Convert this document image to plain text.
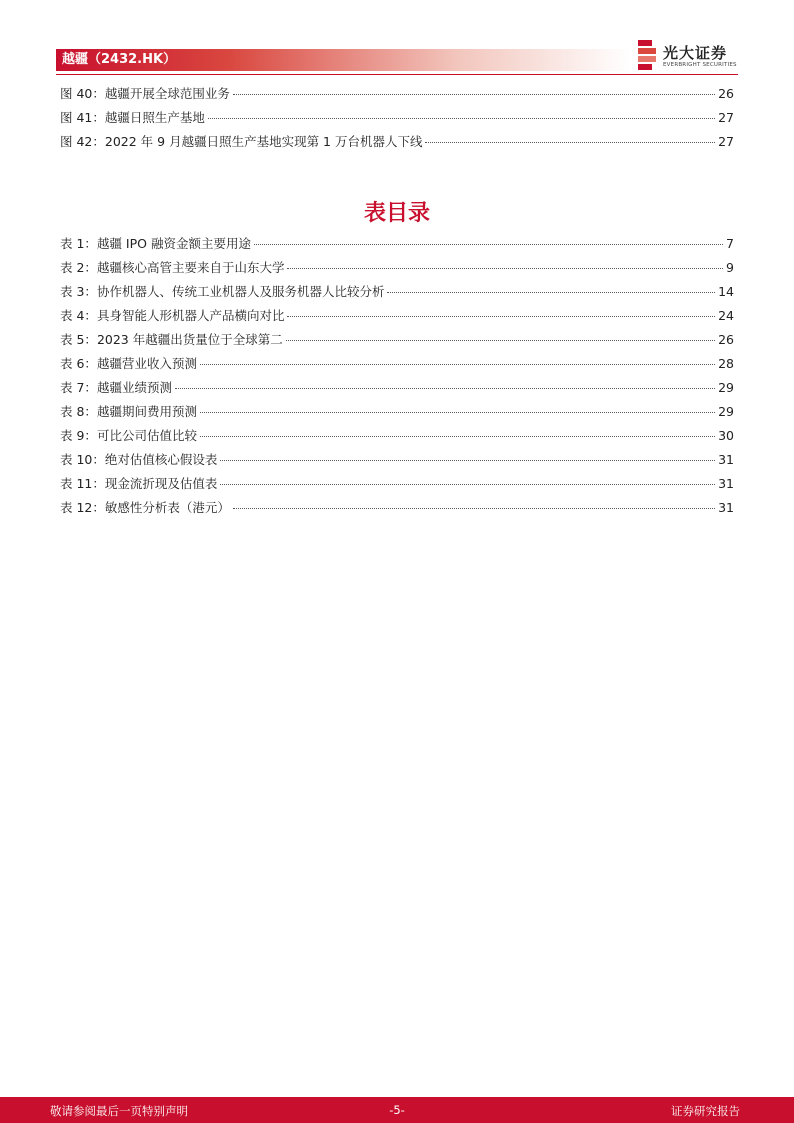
越疆（2432.HK）	光大证券
EVERBRIGHT SECURITIES
图 40： 越疆开展全球范围业务	26
图 41： 越疆日照生产基地	27
图 42： 2022 年 9 月越疆日照生产基地实现第 1 万台机器人下线	27
表目录
表 1： 越疆 IPO 融资金额主要用途	7
表 2： 越疆核心高管主要来自于山东大学	9
表 3： 协作机器人、传统工业机器人及服务机器人比较分析	14
表 4： 具身智能人形机器人产品横向对比	24
表 5： 2023 年越疆出货量位于全球第二	26
表 6： 越疆营业收入预测	28
表 7： 越疆业绩预测	29
表 8： 越疆期间费用预测	29
表 9： 可比公司估值比较	30
表 10： 绝对估值核心假设表	31
表 11： 现金流折现及估值表	31
表 12： 敏感性分析表（港元）	31
敬请参阅最后一页特别声明	-5-	证券研究报告
